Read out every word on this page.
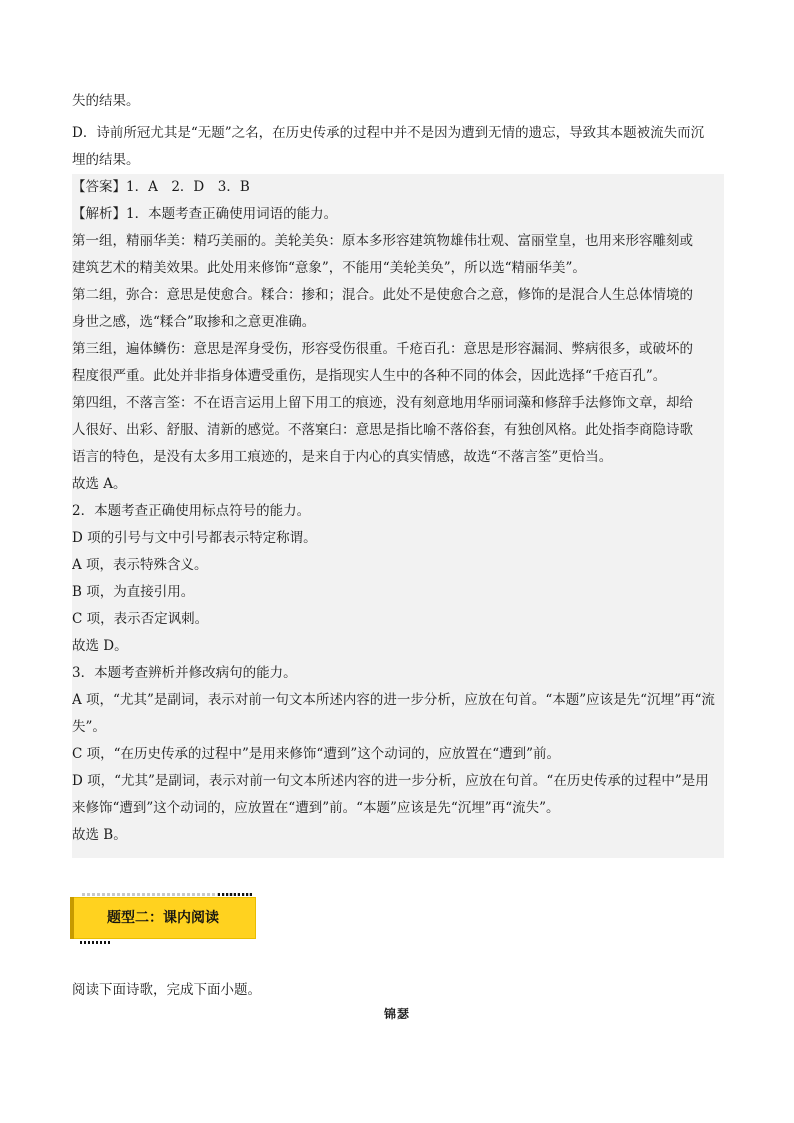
失的结果。
D．诗前所冠尤其是“无题”之名，在历史传承的过程中并不是因为遭到无情的遗忘，导致其本题被流失而沉
埋的结果。
【答案】1．A　2．D　3．B
【解析】1．本题考查正确使用词语的能力。
第一组，精丽华美：精巧美丽的。美轮美奂：原本多形容建筑物雄伟壮观、富丽堂皇，也用来形容雕刻或
建筑艺术的精美效果。此处用来修饰“意象”，不能用“美轮美奂”，所以选“精丽华美”。
第二组，弥合：意思是使愈合。糅合：掺和；混合。此处不是使愈合之意，修饰的是混合人生总体情境的
身世之感，选“糅合”取掺和之意更准确。
第三组，遍体鳞伤：意思是浑身受伤，形容受伤很重。千疮百孔：意思是形容漏洞、弊病很多，或破坏的
程度很严重。此处并非指身体遭受重伤，是指现实人生中的各种不同的体会，因此选择“千疮百孔”。
第四组，不落言筌：不在语言运用上留下用工的痕迹，没有刻意地用华丽词藻和修辞手法修饰文章，却给
人很好、出彩、舒服、清新的感觉。不落窠臼：意思是指比喻不落俗套，有独创风格。此处指李商隐诗歌
语言的特色，是没有太多用工痕迹的，是来自于内心的真实情感，故选“不落言筌”更恰当。
故选 A。
2．本题考查正确使用标点符号的能力。
D 项的引号与文中引号都表示特定称谓。
A 项，表示特殊含义。
B 项，为直接引用。
C 项，表示否定讽刺。
故选 D。
3．本题考查辨析并修改病句的能力。
A 项，“尤其”是副词，表示对前一句文本所述内容的进一步分析，应放在句首。“本题”应该是先“沉埋”再“流
失”。
C 项，“在历史传承的过程中”是用来修饰“遭到”这个动词的，应放置在“遭到”前。
D 项，“尤其”是副词，表示对前一句文本所述内容的进一步分析，应放在句首。“在历史传承的过程中”是用
来修饰“遭到”这个动词的，应放置在“遭到”前。“本题”应该是先“沉埋”再“流失”。
故选 B。
题型二：课内阅读
阅读下面诗歌，完成下面小题。
锦瑟
